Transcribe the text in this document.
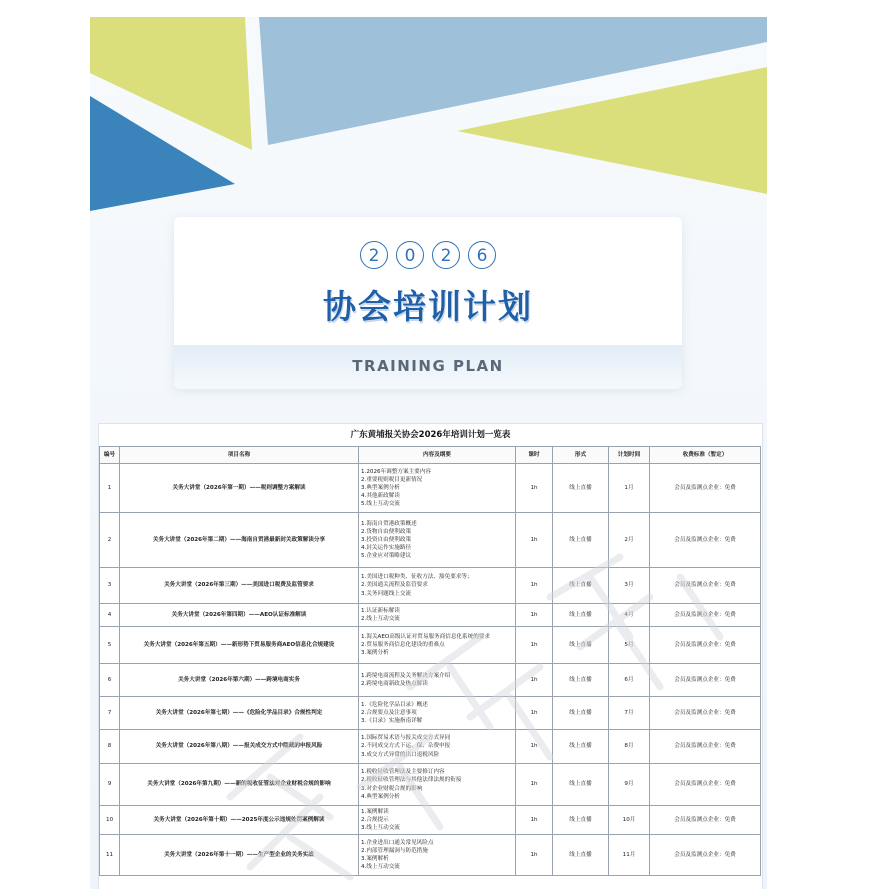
2	0	2	6
协会培训计划
TRAINING PLAN
广东黄埔报关协会2026年培训计划一览表
编号	项目名称	内容及纲要	课时	形式	计划时间	收费标准（暂定）
1	关务大讲堂（2026年第一期）——税则调整方案解读	1.2026年调整方案主要内容
2.重要税则税目更新情况
3.典型案例分析
4.其他新政解读
5.线上互动交流	1h	线上直播	1月	会员及监测点企业：免费
2	关务大讲堂（2026年第二期）——海南自贸港最新封关政策解读分享	1.海南自贸港政策概述
2.货物自由便利政策
3.投资自由便利政策
4.封关运作实施路径
5.企业应对策略建议	1h	线上直播	2月	会员及监测点企业：免费
3	关务大讲堂（2026年第三期）——美国进口税费及监管要求	1.美国进口税种类、征收方法、豁免要求等；
2.美国通关流程及监管要求
3.关务问题线上交流	1h	线上直播	3月	会员及监测点企业：免费
4	关务大讲堂（2026年第四期）——AEO认证标准解读	1.认证新标解读
2.线上互动交流	1h	线上直播	4月	会员及监测点企业：免费
5	关务大讲堂（2026年第五期）——新形势下贸易服务商AEO信息化合规建设	1.海关AEO高级认证对贸易服务商信息化系统的要求
2.贸易服务商信息化建设的重难点
3.案例分析	1h	线上直播	5月	会员及监测点企业：免费
6	关务大讲堂（2026年第六期）——跨境电商实务	1.跨境电商流程及关务解决方案介绍
2.跨境电商新政及热点解读	1h	线上直播	6月	会员及监测点企业：免费
7	关务大讲堂（2026年第七期）——《危险化学品目录》合规性判定	1.《危险化学品目录》概述
2.合规要点及注意事项
3.《目录》实施指南详解	1h	线上直播	7月	会员及监测点企业：免费
8	关务大讲堂（2026年第八期）——报关成交方式中隐藏的申报风险	1.国际贸易术语与报关成交方式异同
2.不同成交方式下运、保、杂费申报
3.成交方式异常的出口退税风险	1h	线上直播	8月	会员及监测点企业：免费
9	关务大讲堂（2026年第九期）——新的税收征管法对企业财税合规的影响	1.税收征收管理法及主要修订内容
2.税收征收管理法与其他法律法规的衔接
3.对企业财税合规的影响
4.典型案例分析	1h	线上直播	9月	会员及监测点企业：免费
10	关务大讲堂（2026年第十期）——2025年度公示违规处罚案例解读	1.案例解读
2.合规提示
3.线上互动交流	1h	线上直播	10月	会员及监测点企业：免费
11	关务大讲堂（2026年第十一期）——生产型企业的关务实战	1.企业进出口通关常见风险点
2.内部管理漏洞与防范措施
3.案例解析
4.线上互动交流	1h	线上直播	11月	会员及监测点企业：免费
